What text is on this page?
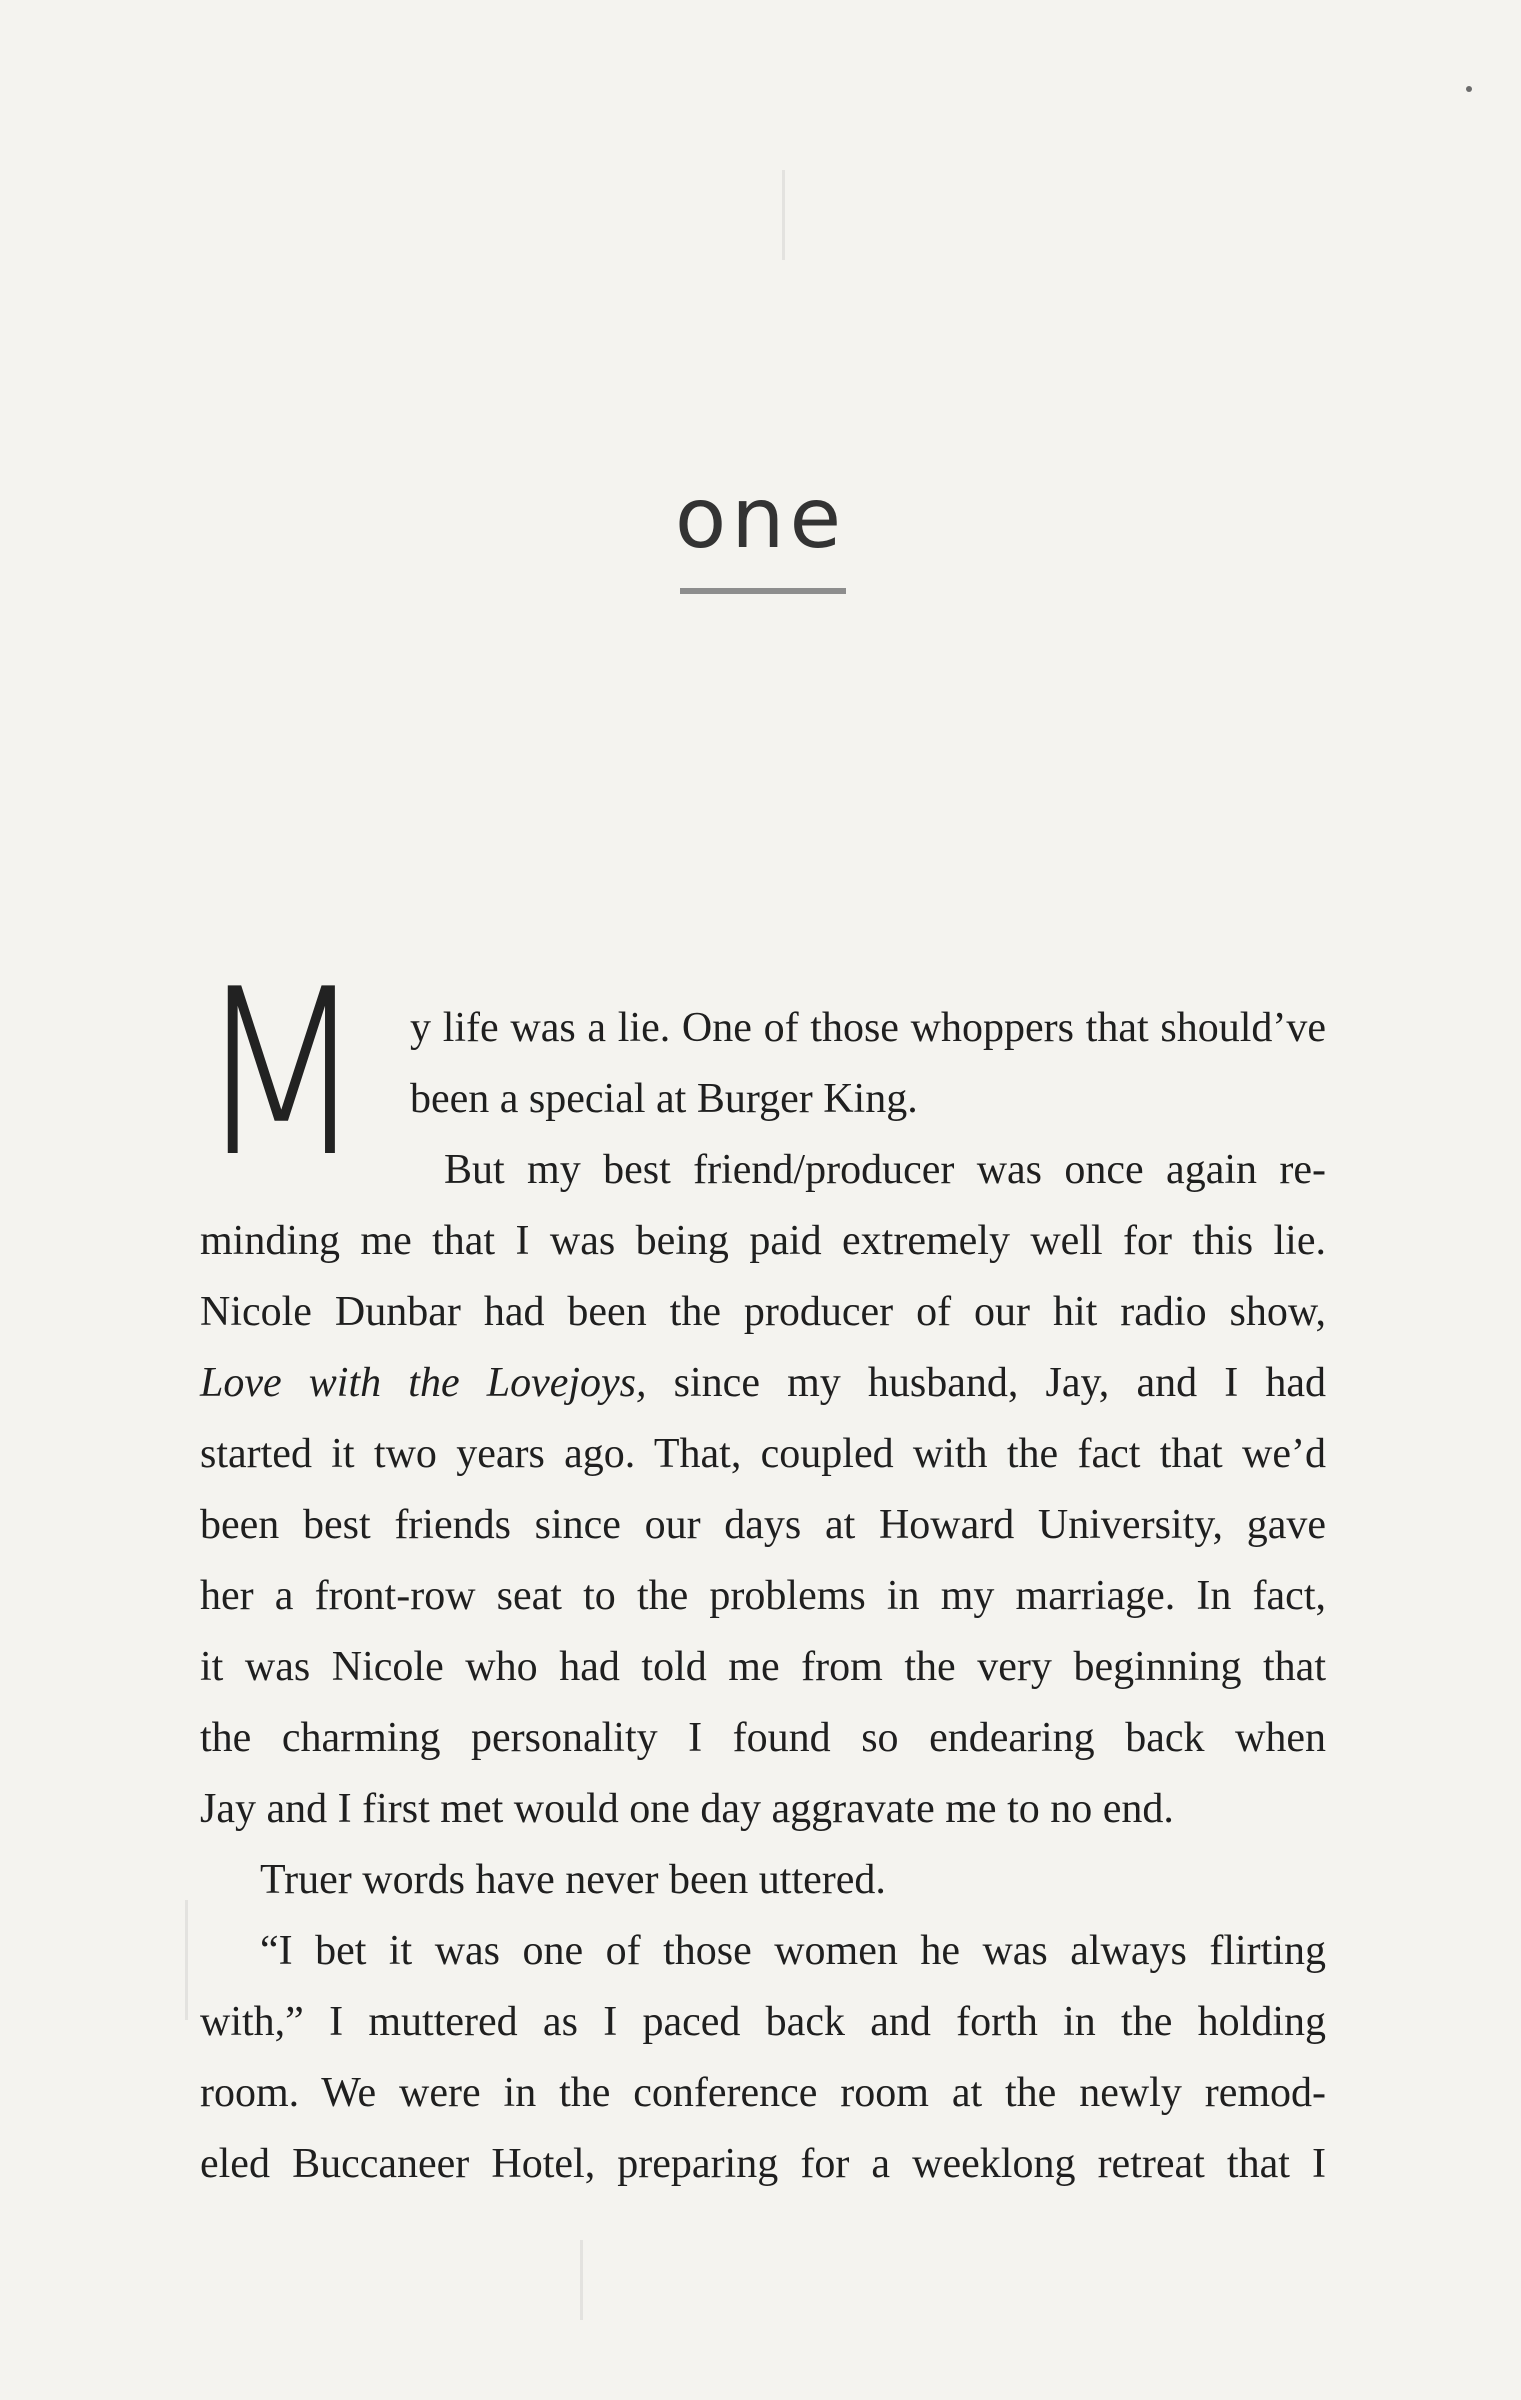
one
M	y life was a lie. One of those whoppers that should’ve
been a special at Burger King.
But my best friend/producer was once again re-
minding me that I was being paid extremely well for this lie.
Nicole Dunbar had been the producer of our hit radio show,
Love with the Lovejoys, since my husband, Jay, and I had
started it two years ago. That, coupled with the fact that we’d
been best friends since our days at Howard University, gave
her a front-row seat to the problems in my marriage. In fact,
it was Nicole who had told me from the very beginning that
the charming personality I found so endearing back when
Jay and I first met would one day aggravate me to no end.
Truer words have never been uttered.
“I bet it was one of those women he was always flirting
with,” I muttered as I paced back and forth in the holding
room. We were in the conference room at the newly remod-
eled Buccaneer Hotel, preparing for a weeklong retreat that I
